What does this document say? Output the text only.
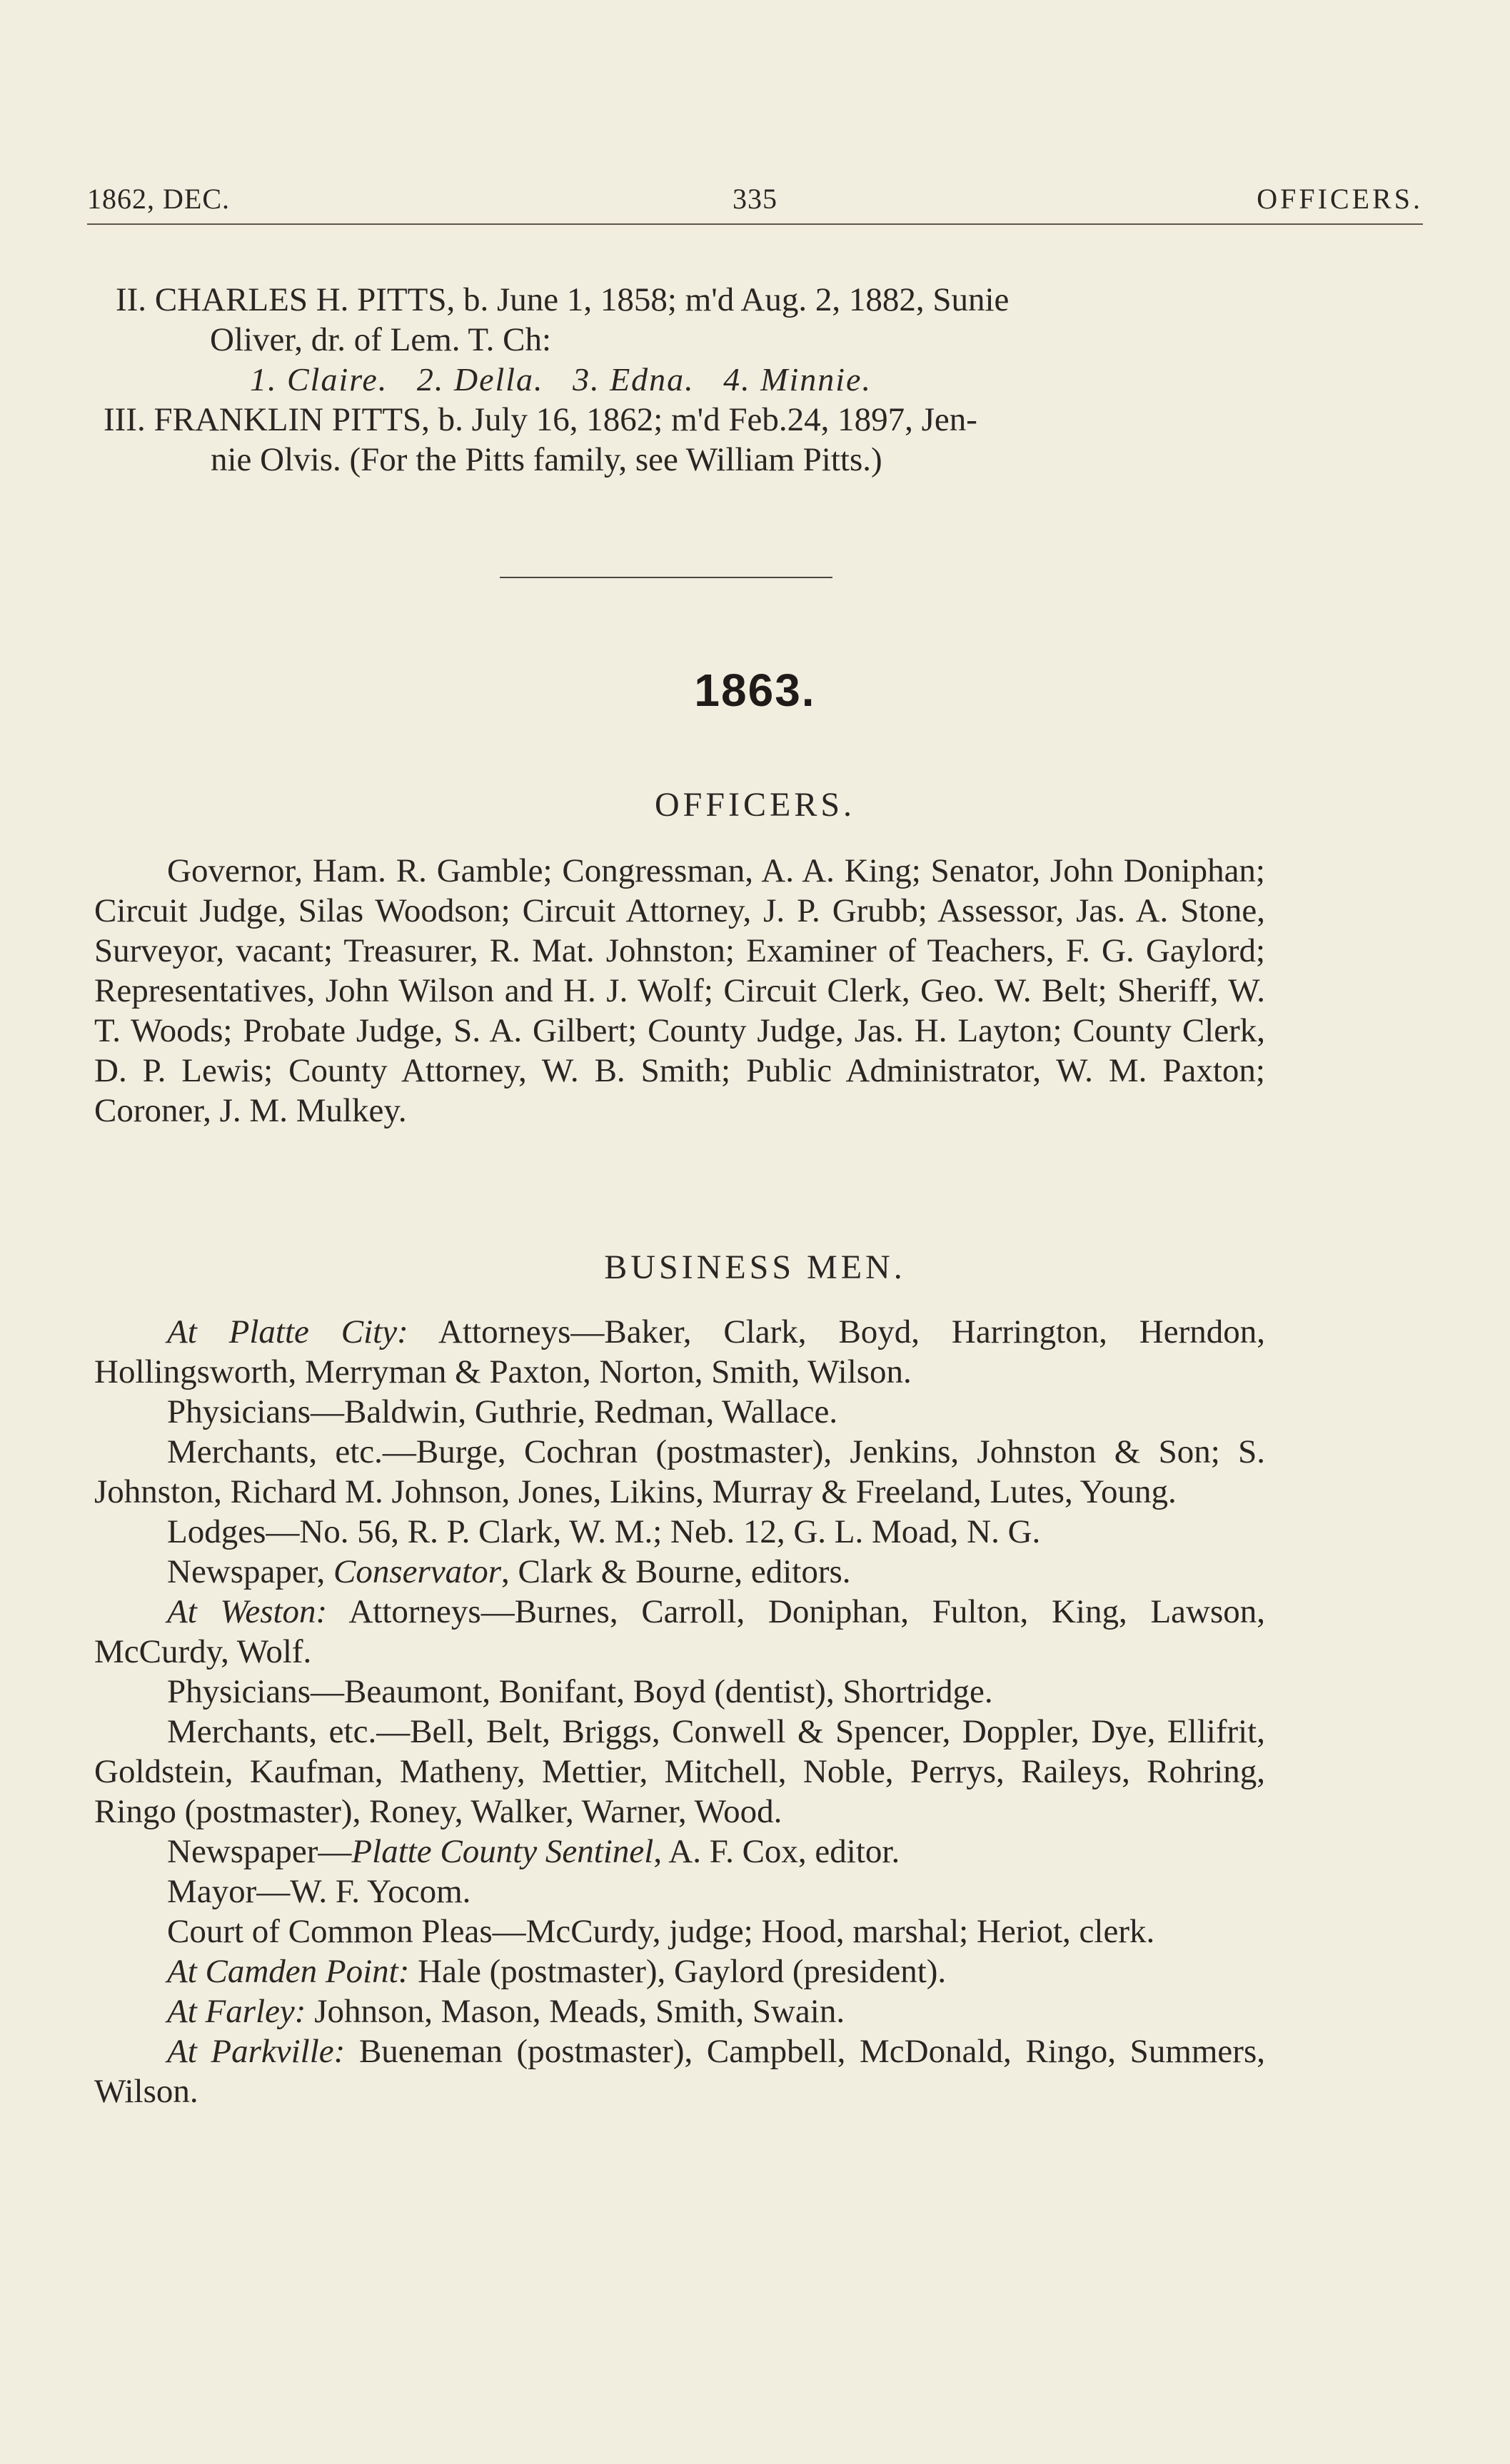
1862, DEC.	335	OFFICERS.
II. CHARLES H. PITTS, b. June 1, 1858; m'd Aug. 2, 1882, Sunie
Oliver, dr. of Lem. T. Ch:
1. Claire. 2. Della. 3. Edna. 4. Minnie.
III. FRANKLIN PITTS, b. July 16, 1862; m'd Feb.24, 1897, Jen-
nie Olvis. (For the Pitts family, see William Pitts.)
1863.
OFFICERS.

Governor, Ham. R. Gamble; Congressman, A. A. King; Senator, John Doniphan; Circuit Judge, Silas Woodson; Circuit Attorney, J. P. Grubb; Assessor, Jas. A. Stone, Surveyor, vacant; Treasurer, R. Mat. Johnston; Examiner of Teachers, F. G. Gaylord; Representatives, John Wilson and H. J. Wolf; Circuit Clerk, Geo. W. Belt; Sheriff, W. T. Woods; Probate Judge, S. A. Gilbert; County Judge, Jas. H. Layton; County Clerk, D. P. Lewis; County Attorney, W. B. Smith; Public Administrator, W. M. Paxton; Coroner, J. M. Mulkey.

BUSINESS MEN.

At Platte City: Attorneys—Baker, Clark, Boyd, Harrington, Herndon, Hollingsworth, Merryman & Paxton, Norton, Smith, Wilson.

Physicians—Baldwin, Guthrie, Redman, Wallace.

Merchants, etc.—Burge, Cochran (postmaster), Jenkins, Johnston & Son; S. Johnston, Richard M. Johnson, Jones, Likins, Murray & Freeland, Lutes, Young.

Lodges—No. 56, R. P. Clark, W. M.; Neb. 12, G. L. Moad, N. G.

Newspaper, Conservator, Clark & Bourne, editors.

At Weston: Attorneys—Burnes, Carroll, Doniphan, Fulton, King, Lawson, McCurdy, Wolf.

Physicians—Beaumont, Bonifant, Boyd (dentist), Shortridge.

Merchants, etc.—Bell, Belt, Briggs, Conwell & Spencer, Doppler, Dye, Ellifrit, Goldstein, Kaufman, Matheny, Mettier, Mitchell, Noble, Perrys, Raileys, Rohring, Ringo (postmaster), Roney, Walker, Warner, Wood.

Newspaper—Platte County Sentinel, A. F. Cox, editor.

Mayor—W. F. Yocom.

Court of Common Pleas—McCurdy, judge; Hood, marshal; Heriot, clerk.

At Camden Point: Hale (postmaster), Gaylord (president).

At Farley: Johnson, Mason, Meads, Smith, Swain.

At Parkville: Bueneman (postmaster), Campbell, McDonald, Ringo, Summers, Wilson.
